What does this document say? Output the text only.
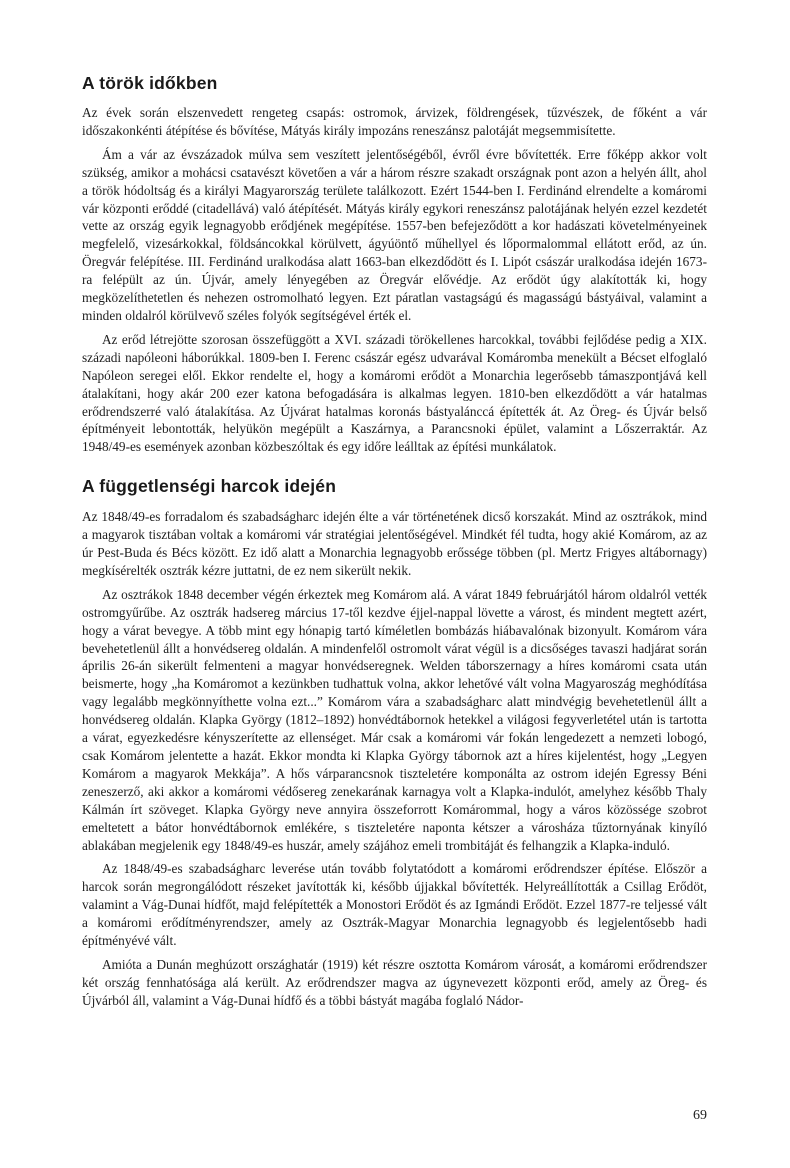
A török időkben

Az évek során elszenvedett rengeteg csapás: ostromok, árvizek, földrengések, tűzvészek, de főként a vár időszakonkénti átépítése és bővítése, Mátyás király impozáns reneszánsz palotáját megsemmisítette.

Ám a vár az évszázadok múlva sem veszített jelentőségéből, évről évre bővítették. Erre főképp akkor volt szükség, amikor a mohácsi csatavészt követően a vár a három részre szakadt országnak pont azon a helyén állt, ahol a török hódoltság és a királyi Magyarország területe találkozott. Ezért 1544-ben I. Ferdinánd elrendelte a komáromi vár központi erőddé (citadellává) való átépítését. Mátyás király egykori reneszánsz palotájának helyén ezzel kezdetét vette az ország egyik legnagyobb erődjének megépítése. 1557-ben befejeződött a kor hadászati követelményeinek megfelelő, vizesárkokkal, földsáncokkal körülvett, ágyúöntő műhellyel és lőpormalommal ellátott erőd, az ún. Öregvár felépítése. III. Ferdinánd uralkodása alatt 1663-ban elkezdődött és I. Lipót császár uralkodása idején 1673-ra felépült az ún. Újvár, amely lényegében az Öregvár elővédje. Az erődöt úgy alakították ki, hogy megközelíthetetlen és nehezen ostromolható legyen. Ezt páratlan vastagságú és magasságú bástyáival, valamint a minden oldalról körülvevő széles folyók segítségével érték el.

Az erőd létrejötte szorosan összefüggött a XVI. századi törökellenes harcokkal, további fejlődése pedig a XIX. századi napóleoni háborúkkal. 1809-ben I. Ferenc császár egész udvarával Komáromba menekült a Bécset elfoglaló Napóleon seregei elől. Ekkor rendelte el, hogy a komáromi erődöt a Monarchia legerősebb támaszpontjává kell átalakítani, hogy akár 200 ezer katona befogadására is alkalmas legyen. 1810-ben elkezdődött a vár hatalmas erődrendszerré való átalakítása. Az Újvárat hatalmas koronás bástyalánccá építették át. Az Öreg- és Újvár belső építményeit lebontották, helyükön megépült a Kaszárnya, a Parancsnoki épület, valamint a Lőszerraktár. Az 1948/49-es események azonban közbeszóltak és egy időre leálltak az építési munkálatok.

A függetlenségi harcok idején

Az 1848/49-es forradalom és szabadságharc idején élte a vár történetének dicső korszakát. Mind az osztrákok, mind a magyarok tisztában voltak a komáromi vár stratégiai jelentőségével. Mindkét fél tudta, hogy akié Komárom, az az úr Pest-Buda és Bécs között. Ez idő alatt a Monarchia legnagyobb erőssége többen (pl. Mertz Frigyes altábornagy) megkísérelték osztrák kézre juttatni, de ez nem sikerült nekik.

Az osztrákok 1848 december végén érkeztek meg Komárom alá. A várat 1849 februárjától három oldalról vették ostromgyűrűbe. Az osztrák hadsereg március 17-től kezdve éjjel-nappal lövette a várost, és mindent megtett azért, hogy a várat bevegye. A több mint egy hónapig tartó kíméletlen bombázás hiábavalónak bizonyult. Komárom vára bevehetetlenül állt a honvédsereg oldalán. A mindenfelől ostromolt várat végül is a dicsőséges tavaszi hadjárat során április 26-án sikerült felmenteni a magyar honvédseregnek. Welden táborszernagy a híres komáromi csata után beismerte, hogy „ha Komáromot a kezünkben tudhattuk volna, akkor lehetővé vált volna Magyaroszág meghódítása vagy legalább megkönnyíthette volna ezt...” Komárom vára a szabadságharc alatt mindvégig bevehetetlenül állt a honvédsereg oldalán. Klapka György (1812–1892) honvédtábornok hetekkel a világosi fegyverletétel után is tartotta a várat, egyezkedésre kényszerítette az ellenséget. Már csak a komáromi vár fokán lengedezett a nemzeti lobogó, csak Komárom jelentette a hazát. Ekkor mondta ki Klapka György tábornok azt a híres kijelentést, hogy „Legyen Komárom a magyarok Mekkája”. A hős várparancsnok tiszteletére komponálta az ostrom idején Egressy Béni zeneszerző, aki akkor a komáromi védősereg zenekarának karnagya volt a Klapka-indulót, amelyhez később Thaly Kálmán írt szöveget. Klapka György neve annyira összeforrott Komárommal, hogy a város közössége szobrot emeltetett a bátor honvédtábornok emlékére, s tiszteletére naponta kétszer a városháza tűztornyának kinyíló ablakában megjelenik egy 1848/49-es huszár, amely szájához emeli trombitáját és felhangzik a Klapka-induló.

Az 1848/49-es szabadságharc leverése után tovább folytatódott a komáromi erődrendszer építése. Először a harcok során megrongálódott részeket javították ki, később újjakkal bővítették. Helyreállították a Csillag Erődöt, valamint a Vág-Dunai hídfőt, majd felépítették a Monostori Erődöt és az Igmándi Erődöt. Ezzel 1877-re teljessé vált a komáromi erődítményrendszer, amely az Osztrák-Magyar Monarchia legnagyobb és legjelentősebb hadi építményévé vált.

Amióta a Dunán meghúzott országhatár (1919) két részre osztotta Komárom városát, a komáromi erődrendszer két ország fennhatósága alá került. Az erődrendszer magva az úgynevezett központi erőd, amely az Öreg- és Újvárból áll, valamint a Vág-Dunai hídfő és a többi bástyát magába foglaló Nádor-

69
